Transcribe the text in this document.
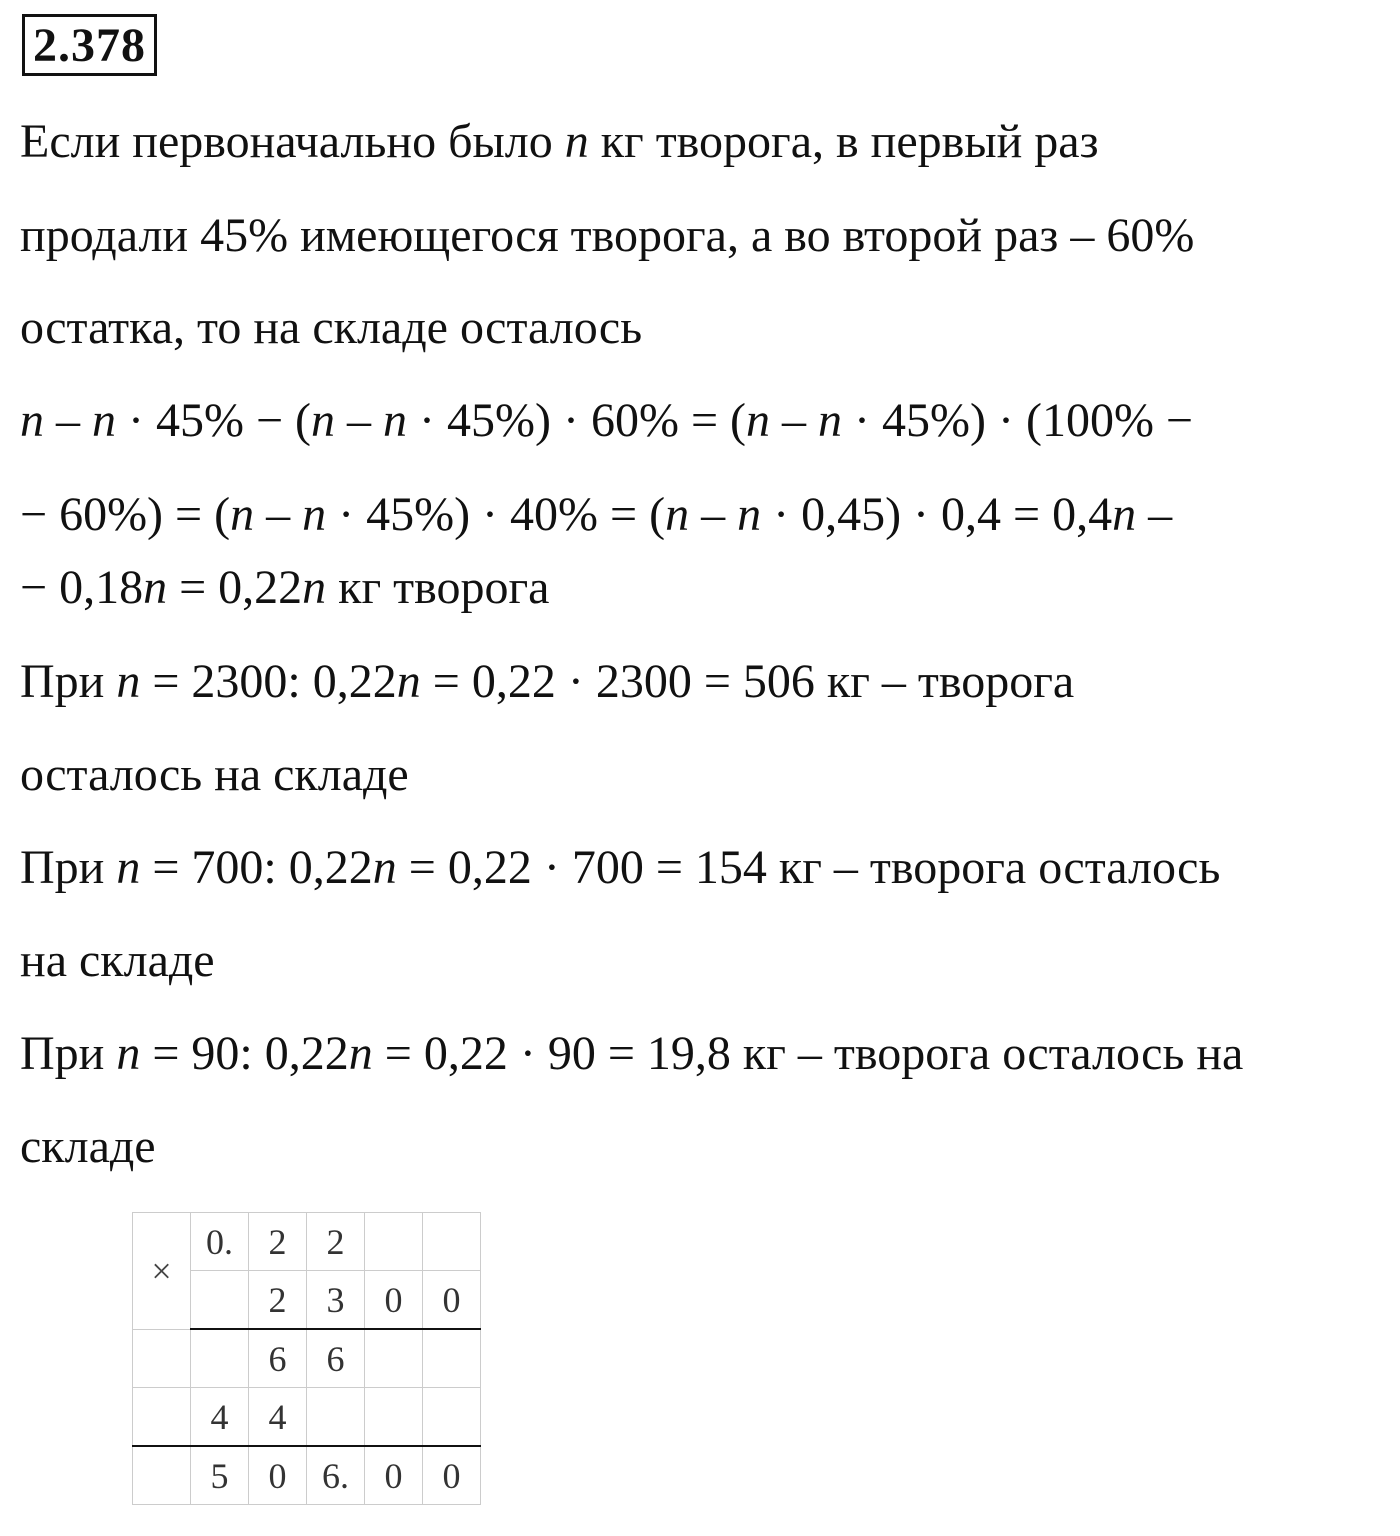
2.378
Если первоначально было n кг творога, в первый раз
продали 45% имеющегося творога, а во второй раз – 60%
остатка, то на складе осталось
n – n · 45% − (n – n · 45%) · 60% = (n – n · 45%) · (100% −
− 60%) = (n – n · 45%) · 40% = (n – n · 0,45) · 0,4 = 0,4n –
− 0,18n = 0,22n кг творога
При n = 2300: 0,22n = 0,22 · 2300 = 506 кг – творога
осталось на складе
При n = 700: 0,22n = 0,22 · 700 = 154 кг – творога осталось
на складе
При n = 90: 0,22n = 0,22 · 90 = 19,8 кг – творога осталось на
складе
×	0.	2	2		
		2	3	0	0
		6	6		
	4	4			
	5	0	6.	0	0
